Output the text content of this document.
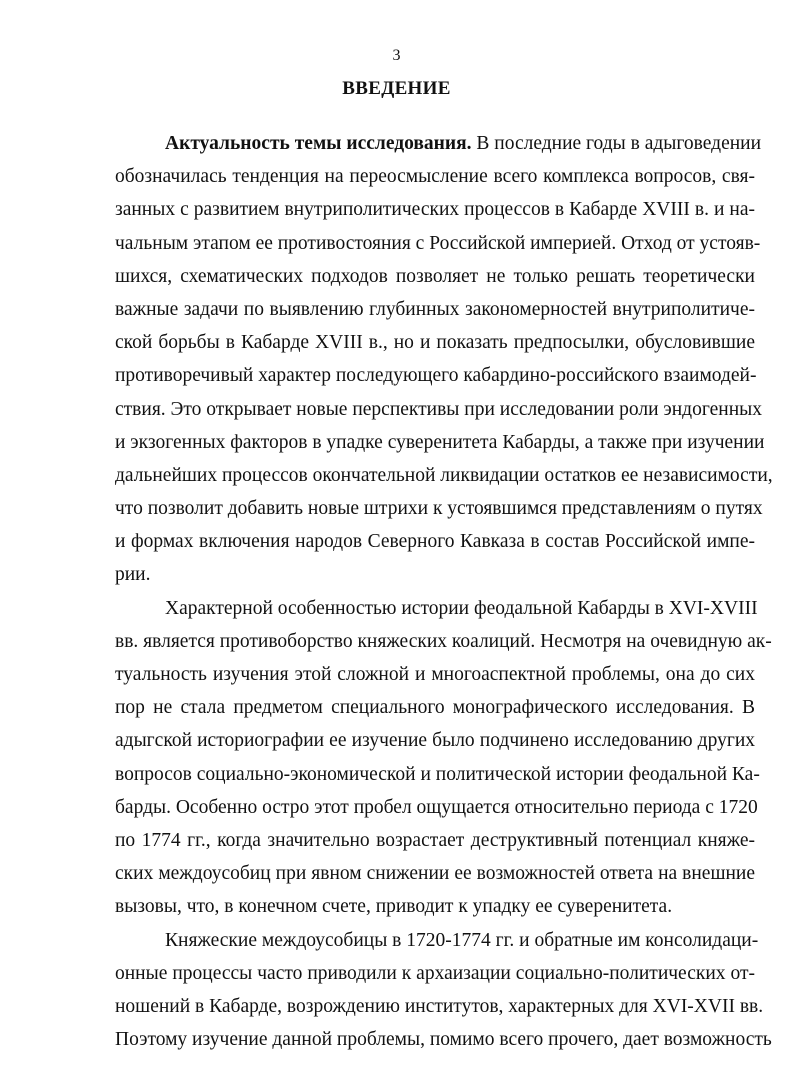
3
ВВЕДЕНИЕ
Актуальность темы исследования. В последние годы в адыговедении
обозначилась тенденция на переосмысление всего комплекса вопросов, свя-
занных с развитием внутриполитических процессов в Кабарде XVIII в. и на-
чальным этапом ее противостояния с Российской империей. Отход от устояв-
шихся, схематических подходов позволяет не только решать теоретически
важные задачи по выявлению глубинных закономерностей внутриполитиче-
ской борьбы в Кабарде XVIII в., но и показать предпосылки, обусловившие
противоречивый характер последующего кабардино-российского взаимодей-
ствия. Это открывает новые перспективы при исследовании роли эндогенных
и экзогенных факторов в упадке суверенитета Кабарды, а также при изучении
дальнейших процессов окончательной ликвидации остатков ее независимости,
что позволит добавить новые штрихи к устоявшимся представлениям о путях
и формах включения народов Северного Кавказа в состав Российской импе-
рии.
Характерной особенностью истории феодальной Кабарды в XVI-XVIII
вв. является противоборство княжеских коалиций. Несмотря на очевидную ак-
туальность изучения этой сложной и многоаспектной проблемы, она до сих
пор не стала предметом специального монографического исследования. В
адыгской историографии ее изучение было подчинено исследованию других
вопросов социально-экономической и политической истории феодальной Ка-
барды. Особенно остро этот пробел ощущается относительно периода с 1720
по 1774 гг., когда значительно возрастает деструктивный потенциал княже-
ских междоусобиц при явном снижении ее возможностей ответа на внешние
вызовы, что, в конечном счете, приводит к упадку ее суверенитета.
Княжеские междоусобицы в 1720-1774 гг. и обратные им консолидаци-
онные процессы часто приводили к архаизации социально-политических от-
ношений в Кабарде, возрождению институтов, характерных для XVI-XVII вв.
Поэтому изучение данной проблемы, помимо всего прочего, дает возможность
